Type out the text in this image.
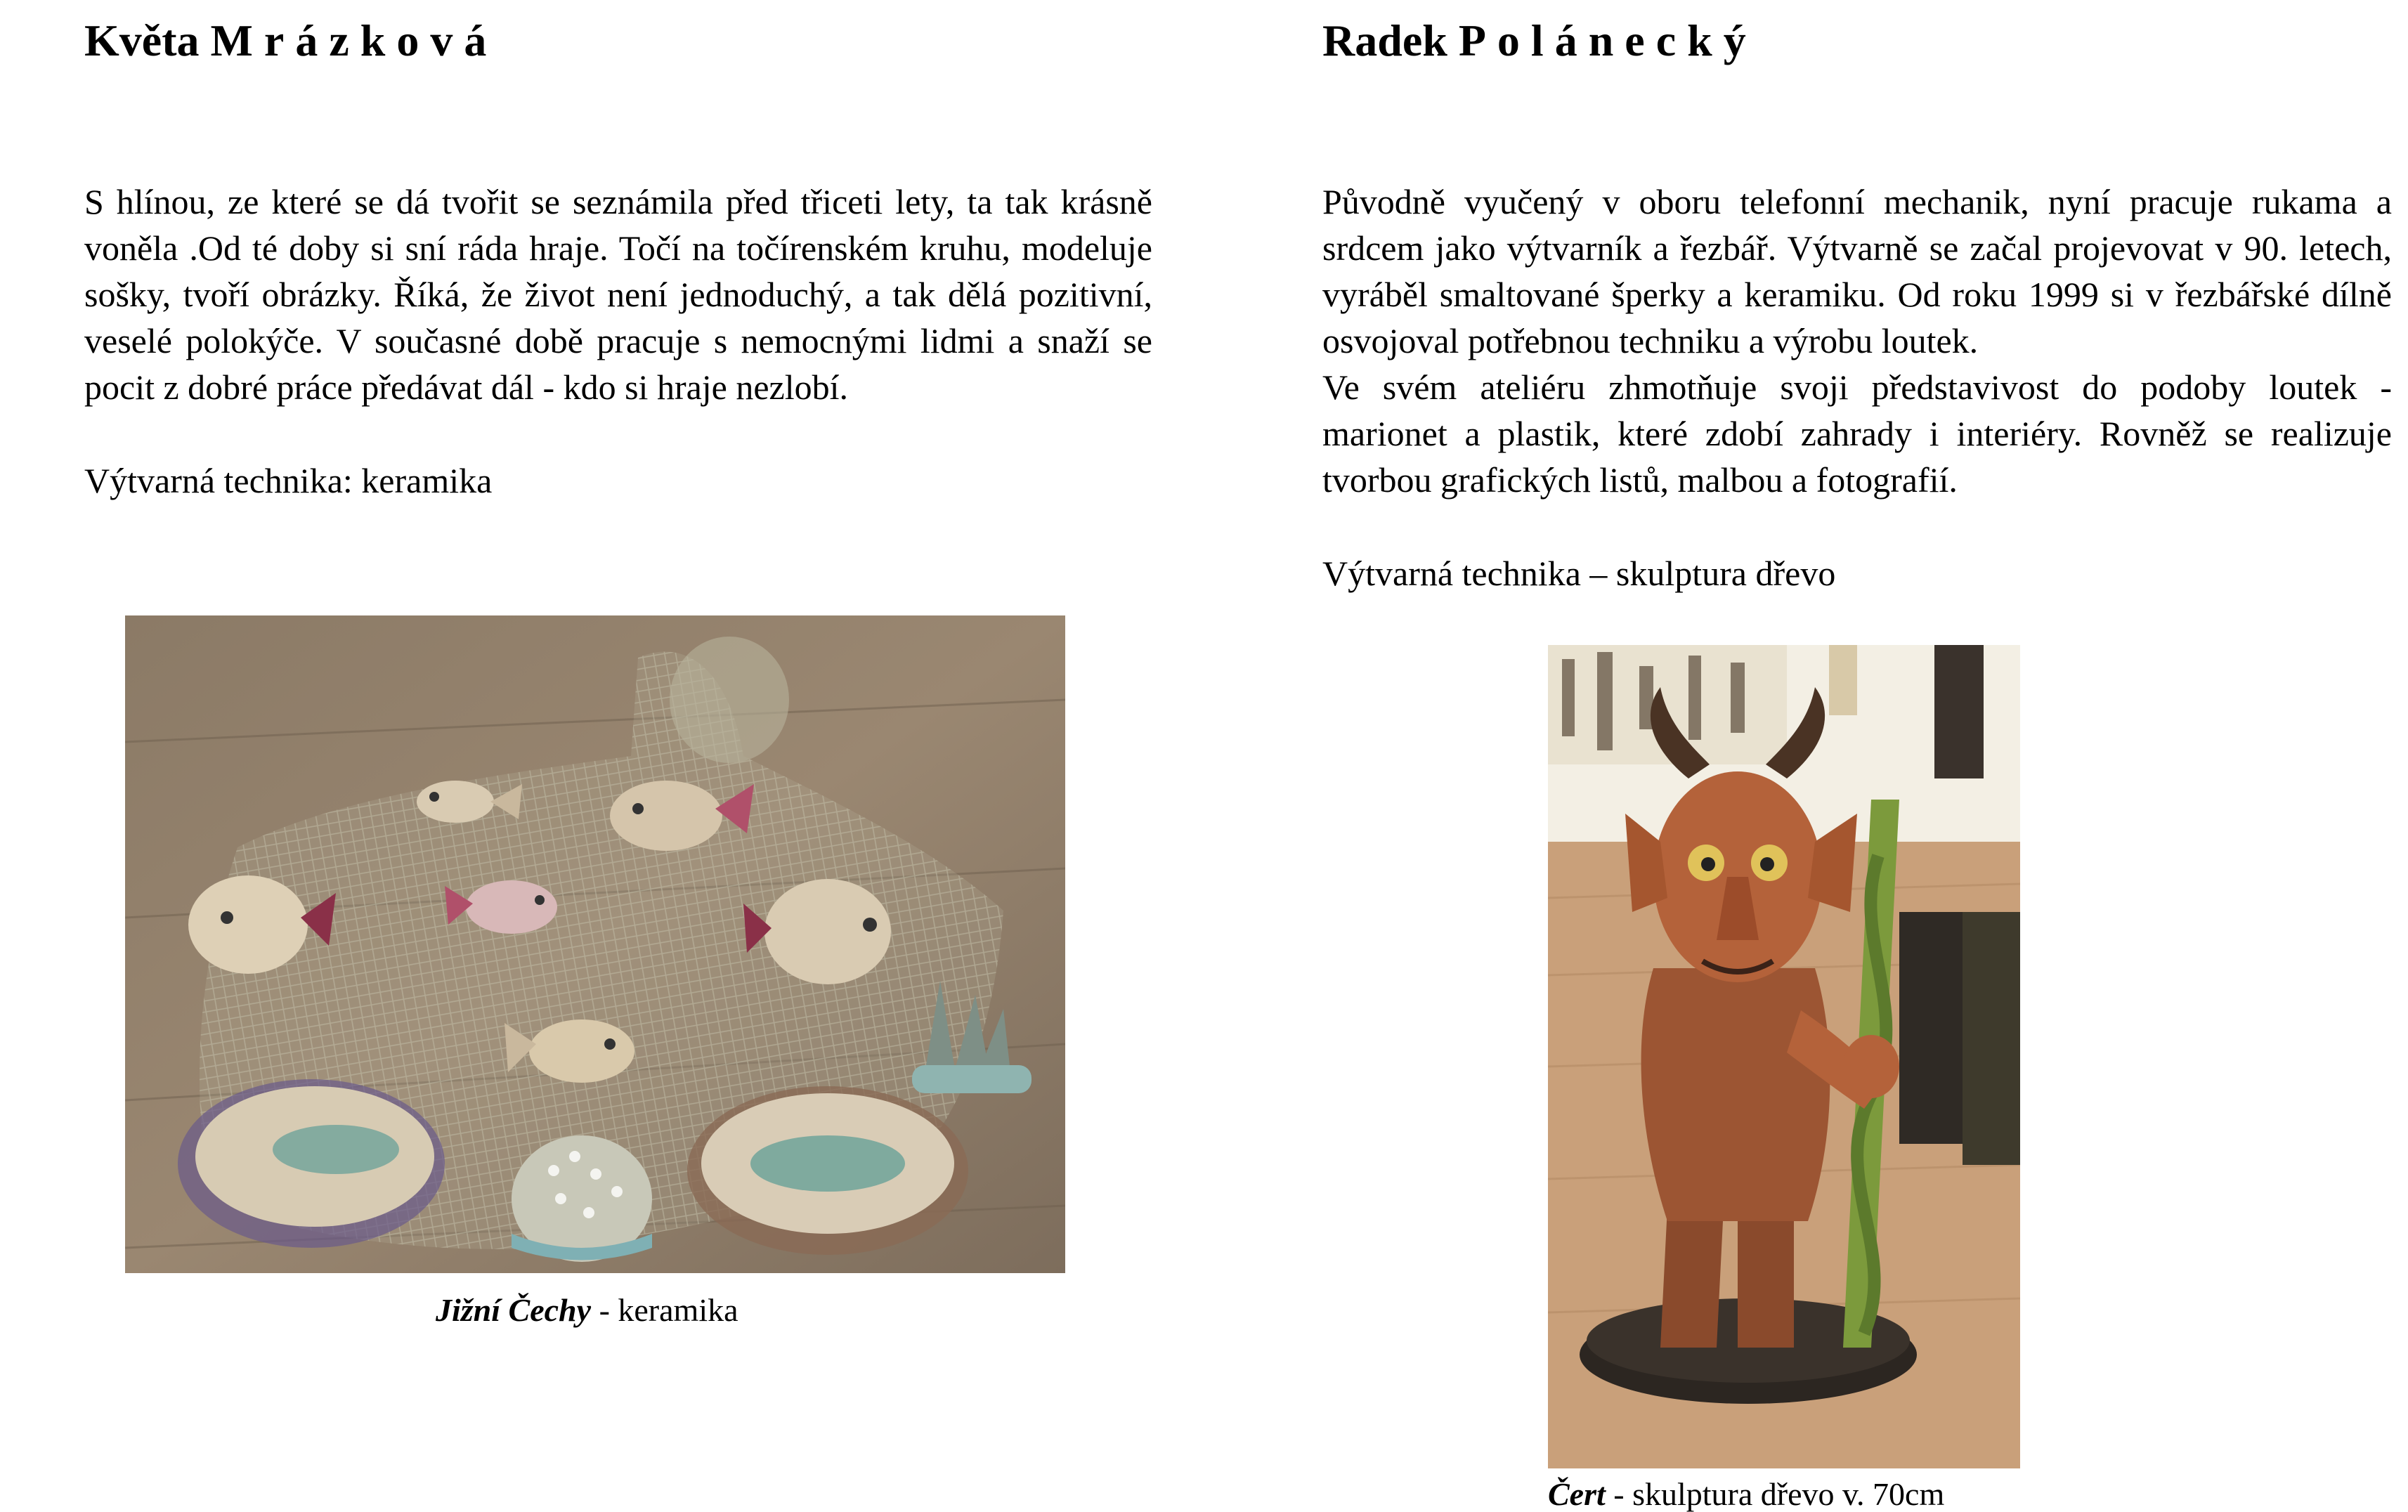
Květa Mrázková

S hlínou, ze které se dá tvořit se seznámila před třiceti lety, ta tak krásně voněla .Od té doby si sní ráda hraje. Točí na točírenském kruhu, modeluje sošky, tvoří obrázky. Říká, že život není jednoduchý, a tak dělá pozitivní, veselé polokýče. V současné době pracuje s nemocnými lidmi a snaží se pocit z dobré práce předávat dál - kdo si hraje nezlobí.

Výtvarná technika: keramika
Jižní Čechy - keramika
Radek Polánecký

Původně vyučený v oboru telefonní mechanik, nyní pracuje rukama a srdcem jako výtvarník a řezbář. Výtvarně se začal projevovat v 90. letech, vyráběl smaltované šperky a keramiku. Od roku 1999 si v řezbářské dílně osvojoval potřebnou techniku a výrobu loutek.

Ve svém ateliéru zhmotňuje svoji představivost do podoby loutek - marionet a plastik, které zdobí zahrady i interiéry. Rovněž se realizuje tvorbou grafických listů, malbou a fotografií.

Výtvarná technika – skulptura dřevo
Čert - skulptura dřevo v. 70cm
